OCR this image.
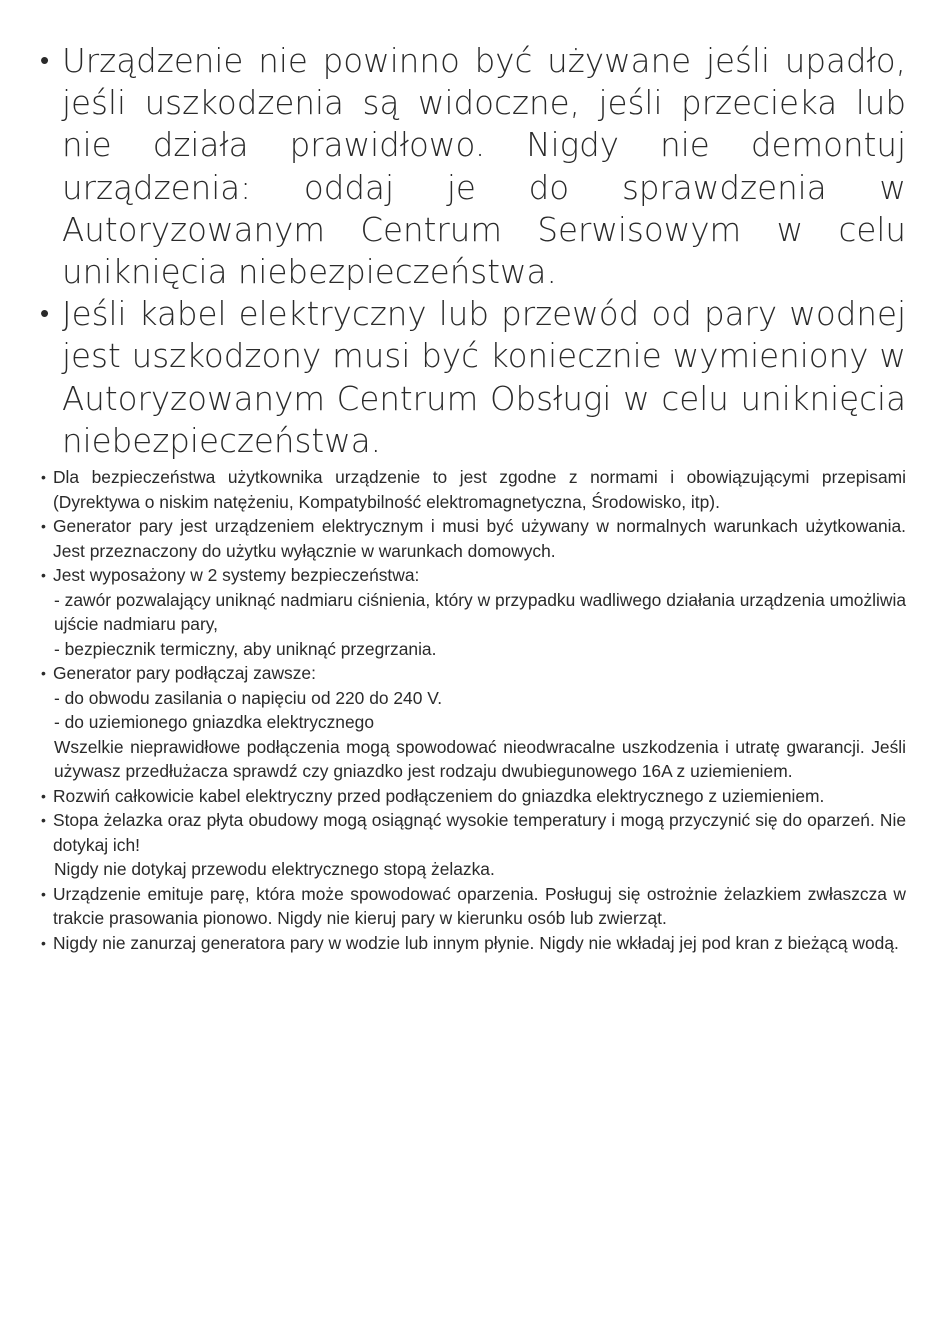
• Urządzenie nie powinno być używane jeśli upadło, jeśli uszkodzenia są widoczne, jeśli przecieka lub nie działa prawidłowo. Nigdy nie demontuj urządzenia: oddaj je do sprawdzenia w Autoryzowanym Centrum Serwisowym w celu uniknięcia niebezpieczeństwa.
• Jeśli kabel elektryczny lub przewód od pary wodnej jest uszkodzony musi być koniecznie wymieniony w Autoryzowanym Centrum Obsługi w celu uniknięcia niebezpieczeństwa.
• Dla bezpieczeństwa użytkownika urządzenie to jest zgodne z normami i obowiązującymi przepisami (Dyrektywa o niskim natężeniu, Kompatybilność elektromagnetyczna, Środowisko, itp).
• Generator pary jest urządzeniem elektrycznym i musi być używany w normalnych warunkach użytkowania. Jest przeznaczony do użytku wyłącznie w warunkach domowych.
• Jest wyposażony w 2 systemy bezpieczeństwa:
- zawór pozwalający uniknąć nadmiaru ciśnienia, który w przypadku wadliwego działania urządzenia umożliwia ujście nadmiaru pary,
- bezpiecznik termiczny, aby uniknąć przegrzania.
• Generator pary podłączaj zawsze:
- do obwodu zasilania o napięciu od 220 do 240 V.
- do uziemionego gniazdka elektrycznego
Wszelkie nieprawidłowe podłączenia mogą spowodować nieodwracalne uszkodzenia i utratę gwarancji. Jeśli używasz przedłużacza sprawdź czy gniazdko jest rodzaju dwubiegunowego 16A z uziemieniem.
• Rozwiń całkowicie kabel elektryczny przed podłączeniem do gniazdka elektrycznego z uziemieniem.
• Stopa żelazka oraz płyta obudowy mogą osiągnąć wysokie temperatury i mogą przyczynić się do oparzeń. Nie dotykaj ich!
Nigdy nie dotykaj przewodu elektrycznego stopą żelazka.
• Urządzenie emituje parę, która może spowodować oparzenia. Posługuj się ostrożnie żelazkiem zwłaszcza w trakcie prasowania pionowo. Nigdy nie kieruj pary w kierunku osób lub zwierząt.
• Nigdy nie zanurzaj generatora pary w wodzie lub innym płynie. Nigdy nie wkładaj jej pod kran z bieżącą wodą.
